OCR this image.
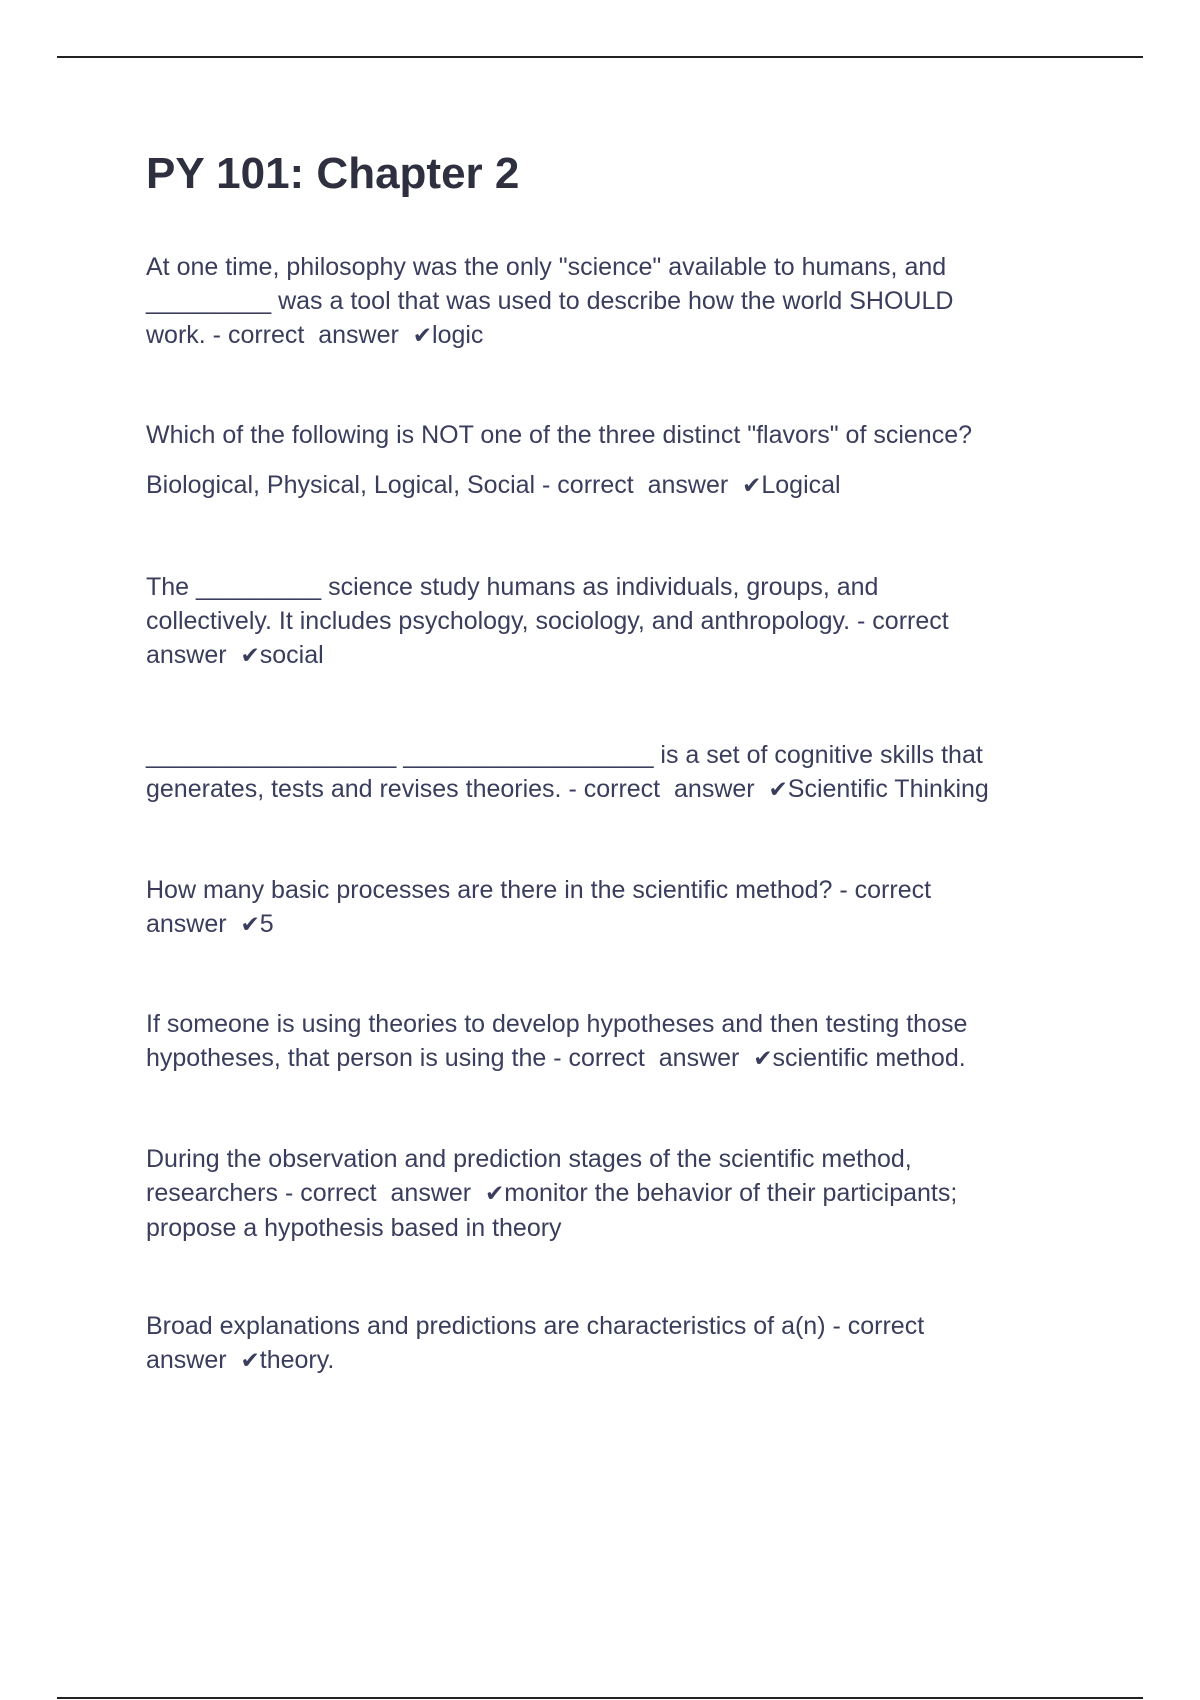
PY 101: Chapter 2
At one time, philosophy was the only "science" available to humans, and
_________ was a tool that was used to describe how the world SHOULD
work. - correct  answer  ✔logic
Which of the following is NOT one of the three distinct "flavors" of science?
Biological, Physical, Logical, Social - correct  answer  ✔Logical
The _________ science study humans as individuals, groups, and
collectively. It includes psychology, sociology, and anthropology. - correct
answer  ✔social
__________________ __________________ is a set of cognitive skills that
generates, tests and revises theories. - correct  answer  ✔Scientific Thinking
How many basic processes are there in the scientific method? - correct
answer  ✔5
If someone is using theories to develop hypotheses and then testing those
hypotheses, that person is using the - correct  answer  ✔scientific method.
During the observation and prediction stages of the scientific method,
researchers - correct  answer  ✔monitor the behavior of their participants;
propose a hypothesis based in theory
Broad explanations and predictions are characteristics of a(n) - correct
answer  ✔theory.
